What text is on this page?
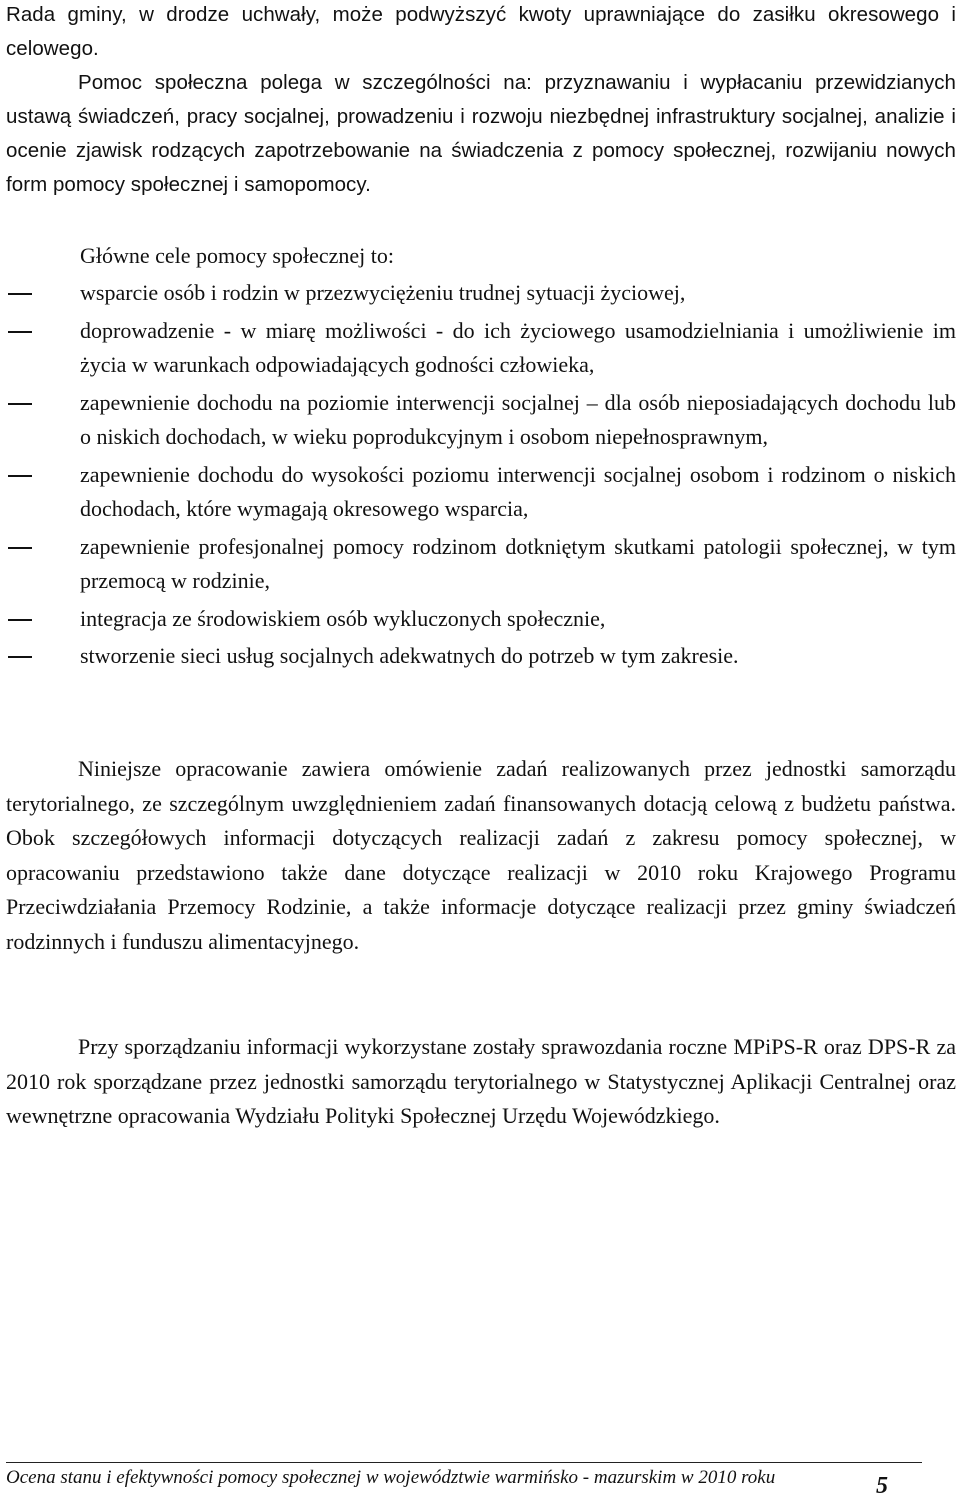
Rada gminy, w drodze uchwały, może podwyższyć kwoty uprawniające do zasiłku okresowego i celowego.

Pomoc społeczna polega w szczególności na: przyznawaniu i wypłacaniu przewidzianych ustawą świadczeń, pracy socjalnej, prowadzeniu i rozwoju niezbędnej infrastruktury socjalnej, analizie i ocenie zjawisk rodzących zapotrzebowanie na świadczenia z pomocy społecznej, rozwijaniu nowych form pomocy społecznej i samopomocy.

Główne cele pomocy społecznej to:

wsparcie osób i rodzin w przezwyciężeniu trudnej sytuacji życiowej,
doprowadzenie - w miarę możliwości - do ich życiowego usamodzielniania i umożliwienie im życia w warunkach odpowiadających godności człowieka,
zapewnienie dochodu na poziomie interwencji socjalnej – dla osób nieposiadających dochodu lub o niskich dochodach, w wieku poprodukcyjnym i osobom niepełnosprawnym,
zapewnienie dochodu do wysokości poziomu interwencji socjalnej osobom i rodzinom o niskich dochodach, które wymagają okresowego wsparcia,
zapewnienie profesjonalnej pomocy rodzinom dotkniętym skutkami patologii społecznej, w tym przemocą w rodzinie,
integracja ze środowiskiem osób wykluczonych społecznie,
stworzenie sieci usług socjalnych adekwatnych do potrzeb w tym zakresie.

Niniejsze opracowanie zawiera omówienie zadań realizowanych przez jednostki samorządu terytorialnego, ze szczególnym uwzględnieniem zadań finansowanych dotacją celową z budżetu państwa. Obok szczegółowych informacji dotyczących realizacji zadań z zakresu pomocy społecznej, w opracowaniu przedstawiono także dane dotyczące realizacji w 2010 roku Krajowego Programu Przeciwdziałania Przemocy Rodzinie, a także informacje dotyczące realizacji przez gminy świadczeń rodzinnych i funduszu alimentacyjnego.

Przy sporządzaniu informacji wykorzystane zostały sprawozdania roczne MPiPS-R oraz DPS-R za 2010 rok sporządzane przez jednostki samorządu terytorialnego w Statystycznej Aplikacji Centralnej oraz wewnętrzne opracowania Wydziału Polityki Społecznej Urzędu Wojewódzkiego.

Ocena stanu i efektywności pomocy społecznej w województwie warmińsko - mazurskim w 2010 roku	5
